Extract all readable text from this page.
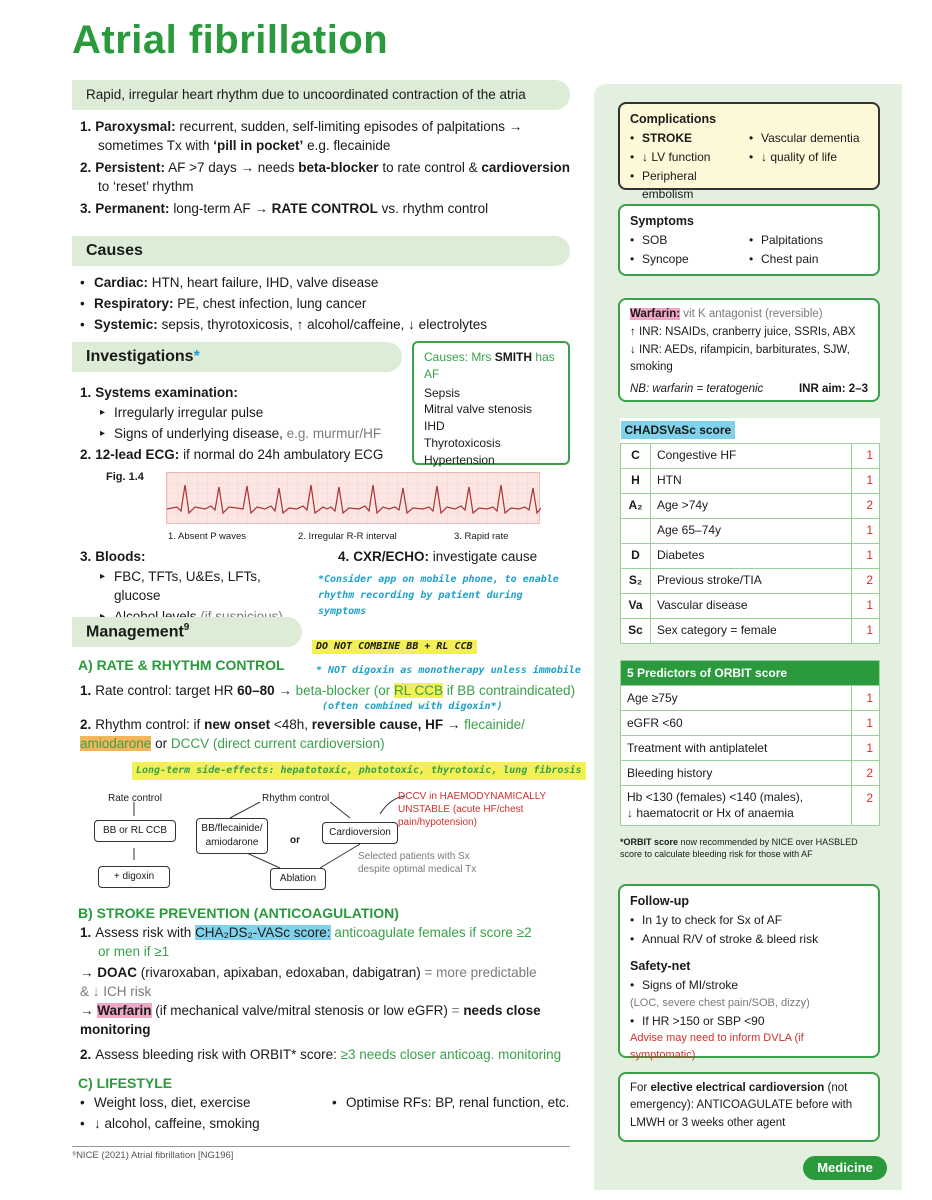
Atrial fibrillation
Rapid, irregular heart rhythm due to uncoordinated contraction of the atria

1. Paroxysmal: recurrent, sudden, self-limiting episodes of palpitations →
sometimes Tx with ‘pill in pocket’ e.g. flecainide

2. Persistent: AF >7 days → needs beta-blocker to rate control & cardioversion
to ‘reset’ rhythm

3. Permanent: long-term AF → RATE CONTROL vs. rhythm control

Causes
• Cardiac: HTN, heart failure, IHD, valve disease
• Respiratory: PE, chest infection, lung cancer
• Systemic: sepsis, thyrotoxicosis, ↑ alcohol/caffeine, ↓ electrolytes
Investigations*	Causes: Mrs SMITH has AF
Sepsis
Mitral valve stenosis
IHD
Thyrotoxicosis
Hypertension

1. Systems examination:

▸ Irregularly irregular pulse
▸ Signs of underlying disease, e.g. murmur/HF

2. 12-lead ECG: if normal do 24h ambulatory ECG

Fig. 1.4
1. Absent P waves	2. Irregular R-R interval	3. Rapid rate

3. Bloods:

▸ FBC, TFTs, U&Es, LFTs, glucose
▸

4. CXR/ECHO: investigate cause

*Consider app on mobile phone, to enable rhythm recording by patient during symptoms
Management$^9$
DO NOT COMBINE BB + RL CCB
A) RATE & RHYTHM CONTROL	* NOT digoxin as monotherapy unless immobile

1. Rate control: target HR 60–80 → beta-blocker (or RL CCB if BB contraindicated)

(often combined with digoxin*)

2. Rhythm control: if new onset <48h, reversible cause, HF → flecainide/
amiodarone or DCCV (direct current cardioversion)

Long-term side-effects: hepatotoxic, phototoxic, thyrotoxic, lung fibrosis
Rate control	Rhythm control
BB or RL CCB	BB/flecainide/ amiodarone	or
Cardioversion
+ digoxin	Ablation
DCCV in HAEMODYNAMICALLY UNSTABLE (acute HF/chest pain/hypotension)
Selected patients with Sx despite optimal medical Tx
B) STROKE PREVENTION (ANTICOAGULATION)

1. Assess risk with CHA₂DS₂-VASc score: anticoagulate females if score ≥2
or men if ≥1

→ DOAC (rivaroxaban, apixaban, edoxaban, dabigatran) = more predictable
& ↓ ICH risk
→ Warfarin (if mechanical valve/mitral stenosis or low eGFR) = needs close
monitoring

2. Assess bleeding risk with ORBIT* score: ≥3 needs closer anticoag. monitoring

C) LIFESTYLE
• Weight loss, diet, exercise
• ↓ alcohol, caffeine, smoking
• Optimise RFs: BP, renal function, etc.
⁹NICE (2021) Atrial fibrillation [NG196]
Complications
• STROKE
• ↓ LV function
• Peripheral embolism
• Vascular dementia
• ↓ quality of life
Symptoms
• SOB
• Syncope
• Palpitations
• Chest pain
Warfarin: vit K antagonist (reversible)
↑ INR: NSAIDs, cranberry juice, SSRIs, ABX
↓ INR: AEDs, rifampicin, barbiturates, SJW, smoking
NB: warfarin = teratogenic	INR aim: 2–3
CHADSVaSc score		
C	Congestive HF	1
H	HTN	1
A₂	Age >74y	2
	Age 65–74y	1
D	Diabetes	1
S₂	Previous stroke/TIA	2
Va	Vascular disease	1
Sc	Sex category = female	1
5 Predictors of ORBIT score	
Age ≥75y	1
eGFR <60	1
Treatment with antiplatelet	1
Bleeding history	2
Hb <130 (females) <140 (males),
↓ haematocrit or Hx of anaemia	2
*ORBIT score now recommended by NICE over HASBLED score to calculate bleeding risk for those with AF
Follow-up
• In 1y to check for Sx of AF
• Annual R/V of stroke & bleed risk
Safety-net
• Signs of MI/stroke
(LOC, severe chest pain/SOB, dizzy)
• If HR >150 or SBP <90
Advise may need to inform DVLA (if symptomatic)
For elective electrical cardioversion (not emergency): ANTICOAGULATE before with LMWH or 3 weeks other agent
Medicine
